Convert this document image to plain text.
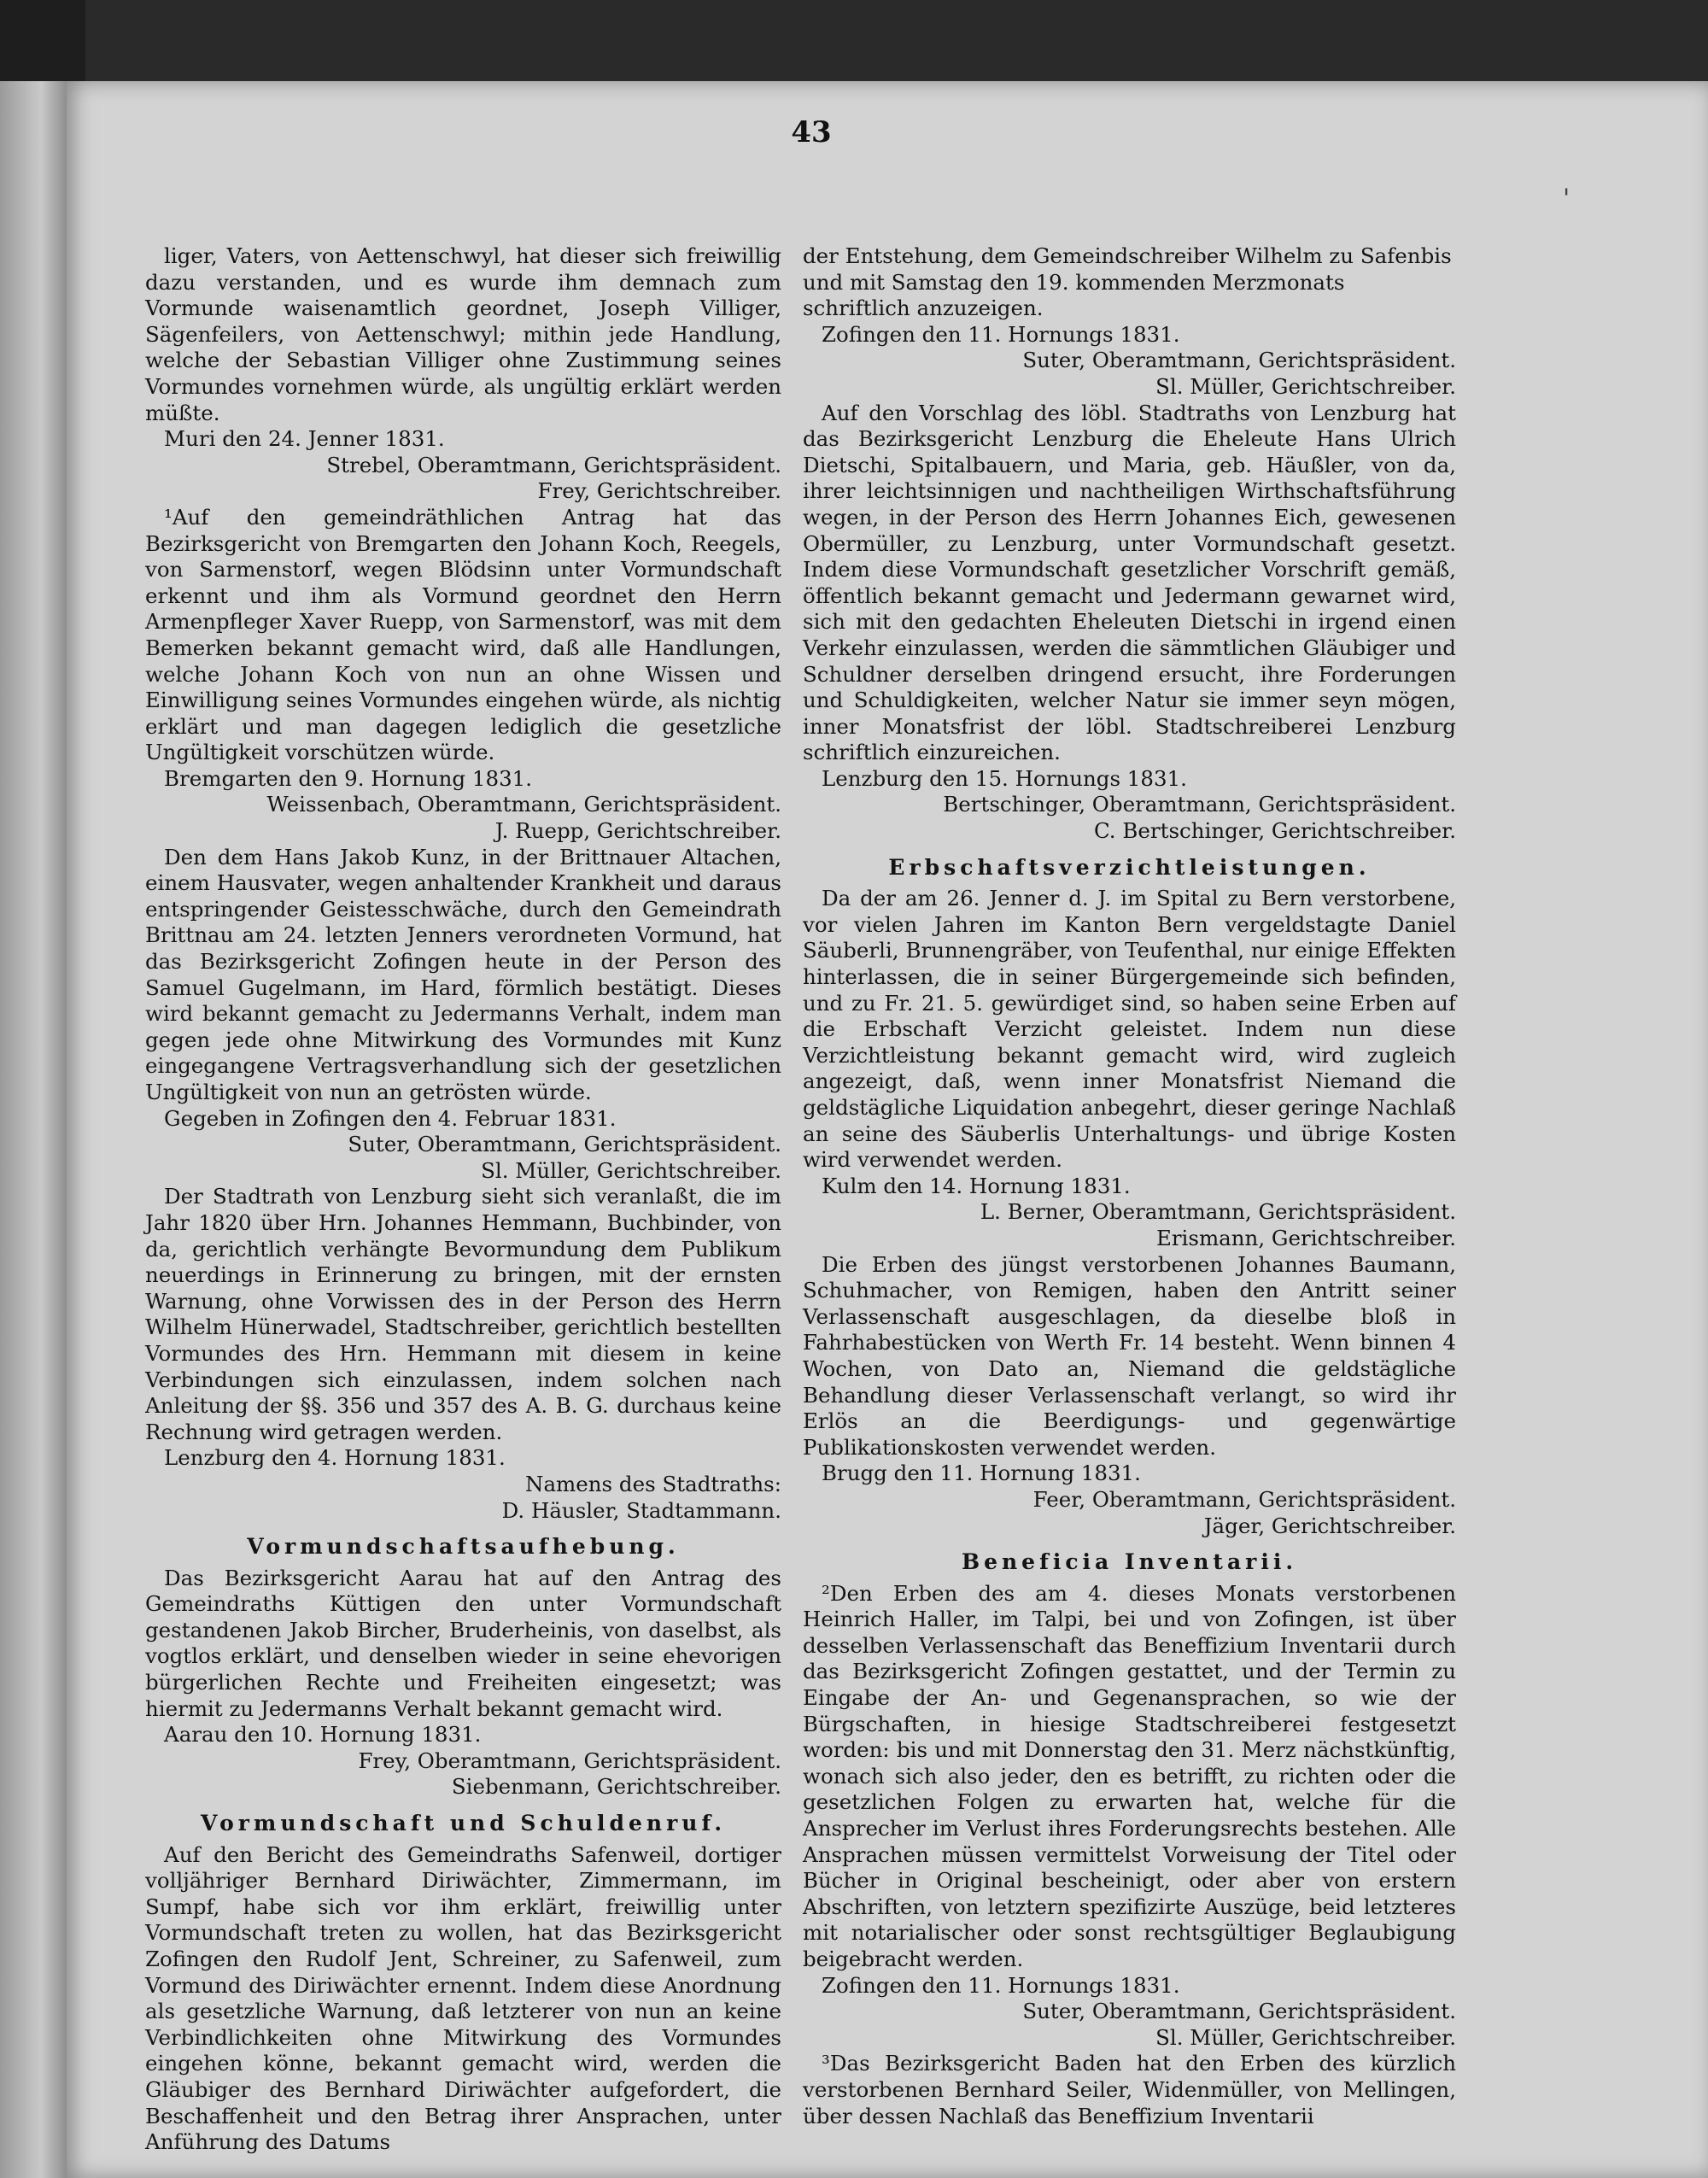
43
'

liger, Vaters, von Aettenschwyl, hat dieser sich freiwillig dazu verstanden, und es wurde ihm demnach zum Vormunde waisenamtlich geordnet, Joseph Villiger, Sägenfeilers, von Aettenschwyl; mithin jede Handlung, welche der Sebastian Villiger ohne Zustimmung seines Vormundes vornehmen würde, als ungültig erklärt werden müßte.

Muri den 24. Jenner 1831.

Strebel, Oberamtmann, Gerichtspräsident.

Frey, Gerichtschreiber.

¹Auf den gemeindräthlichen Antrag hat das Bezirksgericht von Bremgarten den Johann Koch, Reegels, von Sarmenstorf, wegen Blödsinn unter Vormundschaft erkennt und ihm als Vormund geordnet den Herrn Armenpfleger Xaver Ruepp, von Sarmenstorf, was mit dem Bemerken bekannt gemacht wird, daß alle Handlungen, welche Johann Koch von nun an ohne Wissen und Einwilligung seines Vormundes eingehen würde, als nichtig erklärt und man dagegen lediglich die gesetzliche Ungültigkeit vorschützen würde.

Bremgarten den 9. Hornung 1831.

Weissenbach, Oberamtmann, Gerichtspräsident.

J. Ruepp, Gerichtschreiber.

Den dem Hans Jakob Kunz, in der Brittnauer Altachen, einem Hausvater, wegen anhaltender Krankheit und daraus entspringender Geistesschwäche, durch den Gemeindrath Brittnau am 24. letzten Jenners verordneten Vormund, hat das Bezirksgericht Zofingen heute in der Person des Samuel Gugelmann, im Hard, förmlich bestätigt. Dieses wird bekannt gemacht zu Jedermanns Verhalt, indem man gegen jede ohne Mitwirkung des Vormundes mit Kunz eingegangene Vertragsverhandlung sich der gesetzlichen Ungültigkeit von nun an getrösten würde.

Gegeben in Zofingen den 4. Februar 1831.

Suter, Oberamtmann, Gerichtspräsident.

Sl. Müller, Gerichtschreiber.

Der Stadtrath von Lenzburg sieht sich veranlaßt, die im Jahr 1820 über Hrn. Johannes Hemmann, Buchbinder, von da, gerichtlich verhängte Bevormundung dem Publikum neuerdings in Erinnerung zu bringen, mit der ernsten Warnung, ohne Vorwissen des in der Person des Herrn Wilhelm Hünerwadel, Stadtschreiber, gerichtlich bestellten Vormundes des Hrn. Hemmann mit diesem in keine Verbindungen sich einzulassen, indem solchen nach Anleitung der §§. 356 und 357 des A. B. G. durchaus keine Rechnung wird getragen werden.

Lenzburg den 4. Hornung 1831.

Namens des Stadtraths:

D. Häusler, Stadtammann.

Vormundschaftsaufhebung.

Das Bezirksgericht Aarau hat auf den Antrag des Gemeindraths Küttigen den unter Vormundschaft gestandenen Jakob Bircher, Bruderheinis, von daselbst, als vogtlos erklärt, und denselben wieder in seine ehevorigen bürgerlichen Rechte und Freiheiten eingesetzt; was hiermit zu Jedermanns Verhalt bekannt gemacht wird.

Aarau den 10. Hornung 1831.

Frey, Oberamtmann, Gerichtspräsident.

Siebenmann, Gerichtschreiber.

Vormundschaft und Schuldenruf.

Auf den Bericht des Gemeindraths Safenweil, dortiger volljähriger Bernhard Diriwächter, Zimmermann, im Sumpf, habe sich vor ihm erklärt, freiwillig unter Vormundschaft treten zu wollen, hat das Bezirksgericht Zofingen den Rudolf Jent, Schreiner, zu Safenweil, zum Vormund des Diriwächter ernennt. Indem diese Anordnung als gesetzliche Warnung, daß letzterer von nun an keine Verbindlichkeiten ohne Mitwirkung des Vormundes eingehen könne, bekannt gemacht wird, werden die Gläubiger des Bernhard Diriwächter aufgefordert, die Beschaffenheit und den Betrag ihrer Ansprachen, unter Anführung des Datums

der Entstehung, dem Gemeindschreiber Wilhelm zu Safenbis und mit Samstag den 19. kommenden Merzmonats schriftlich anzuzeigen.

Zofingen den 11. Hornungs 1831.

Suter, Oberamtmann, Gerichtspräsident.

Sl. Müller, Gerichtschreiber.

Auf den Vorschlag des löbl. Stadtraths von Lenzburg hat das Bezirksgericht Lenzburg die Eheleute Hans Ulrich Dietschi, Spitalbauern, und Maria, geb. Häußler, von da, ihrer leichtsinnigen und nachtheiligen Wirthschaftsführung wegen, in der Person des Herrn Johannes Eich, gewesenen Obermüller, zu Lenzburg, unter Vormundschaft gesetzt. Indem diese Vormundschaft gesetzlicher Vorschrift gemäß, öffentlich bekannt gemacht und Jedermann gewarnet wird, sich mit den gedachten Eheleuten Dietschi in irgend einen Verkehr einzulassen, werden die sämmtlichen Gläubiger und Schuldner derselben dringend ersucht, ihre Forderungen und Schuldigkeiten, welcher Natur sie immer seyn mögen, inner Monatsfrist der löbl. Stadtschreiberei Lenzburg schriftlich einzureichen.

Lenzburg den 15. Hornungs 1831.

Bertschinger, Oberamtmann, Gerichtspräsident.

C. Bertschinger, Gerichtschreiber.

Erbschaftsverzichtleistungen.

Da der am 26. Jenner d. J. im Spital zu Bern verstorbene, vor vielen Jahren im Kanton Bern vergeldstagte Daniel Säuberli, Brunnengräber, von Teufenthal, nur einige Effekten hinterlassen, die in seiner Bürgergemeinde sich befinden, und zu Fr. 21. 5. gewürdiget sind, so haben seine Erben auf die Erbschaft Verzicht geleistet. Indem nun diese Verzichtleistung bekannt gemacht wird, wird zugleich angezeigt, daß, wenn inner Monatsfrist Niemand die geldstägliche Liquidation anbegehrt, dieser geringe Nachlaß an seine des Säuberlis Unterhaltungs- und übrige Kosten wird verwendet werden.

Kulm den 14. Hornung 1831.

L. Berner, Oberamtmann, Gerichtspräsident.

Erismann, Gerichtschreiber.

Die Erben des jüngst verstorbenen Johannes Baumann, Schuhmacher, von Remigen, haben den Antritt seiner Verlassenschaft ausgeschlagen, da dieselbe bloß in Fahrhabestücken von Werth Fr. 14 besteht. Wenn binnen 4 Wochen, von Dato an, Niemand die geldstägliche Behandlung dieser Verlassenschaft verlangt, so wird ihr Erlös an die Beerdigungs- und gegenwärtige Publikationskosten verwendet werden.

Brugg den 11. Hornung 1831.

Feer, Oberamtmann, Gerichtspräsident.

Jäger, Gerichtschreiber.

Beneficia Inventarii.

²Den Erben des am 4. dieses Monats verstorbenen Heinrich Haller, im Talpi, bei und von Zofingen, ist über desselben Verlassenschaft das Beneffizium Inventarii durch das Bezirksgericht Zofingen gestattet, und der Termin zu Eingabe der An- und Gegenansprachen, so wie der Bürgschaften, in hiesige Stadtschreiberei festgesetzt worden: bis und mit Donnerstag den 31. Merz nächstkünftig, wonach sich also jeder, den es betrifft, zu richten oder die gesetzlichen Folgen zu erwarten hat, welche für die Ansprecher im Verlust ihres Forderungsrechts bestehen. Alle Ansprachen müssen vermittelst Vorweisung der Titel oder Bücher in Original bescheinigt, oder aber von erstern Abschriften, von letztern spezifizirte Auszüge, beid letzteres mit notarialischer oder sonst rechtsgültiger Beglaubigung beigebracht werden.

Zofingen den 11. Hornungs 1831.

Suter, Oberamtmann, Gerichtspräsident.

Sl. Müller, Gerichtschreiber.

³Das Bezirksgericht Baden hat den Erben des kürzlich verstorbenen Bernhard Seiler, Widenmüller, von Mellingen, über dessen Nachlaß das Beneffizium Inventarii
